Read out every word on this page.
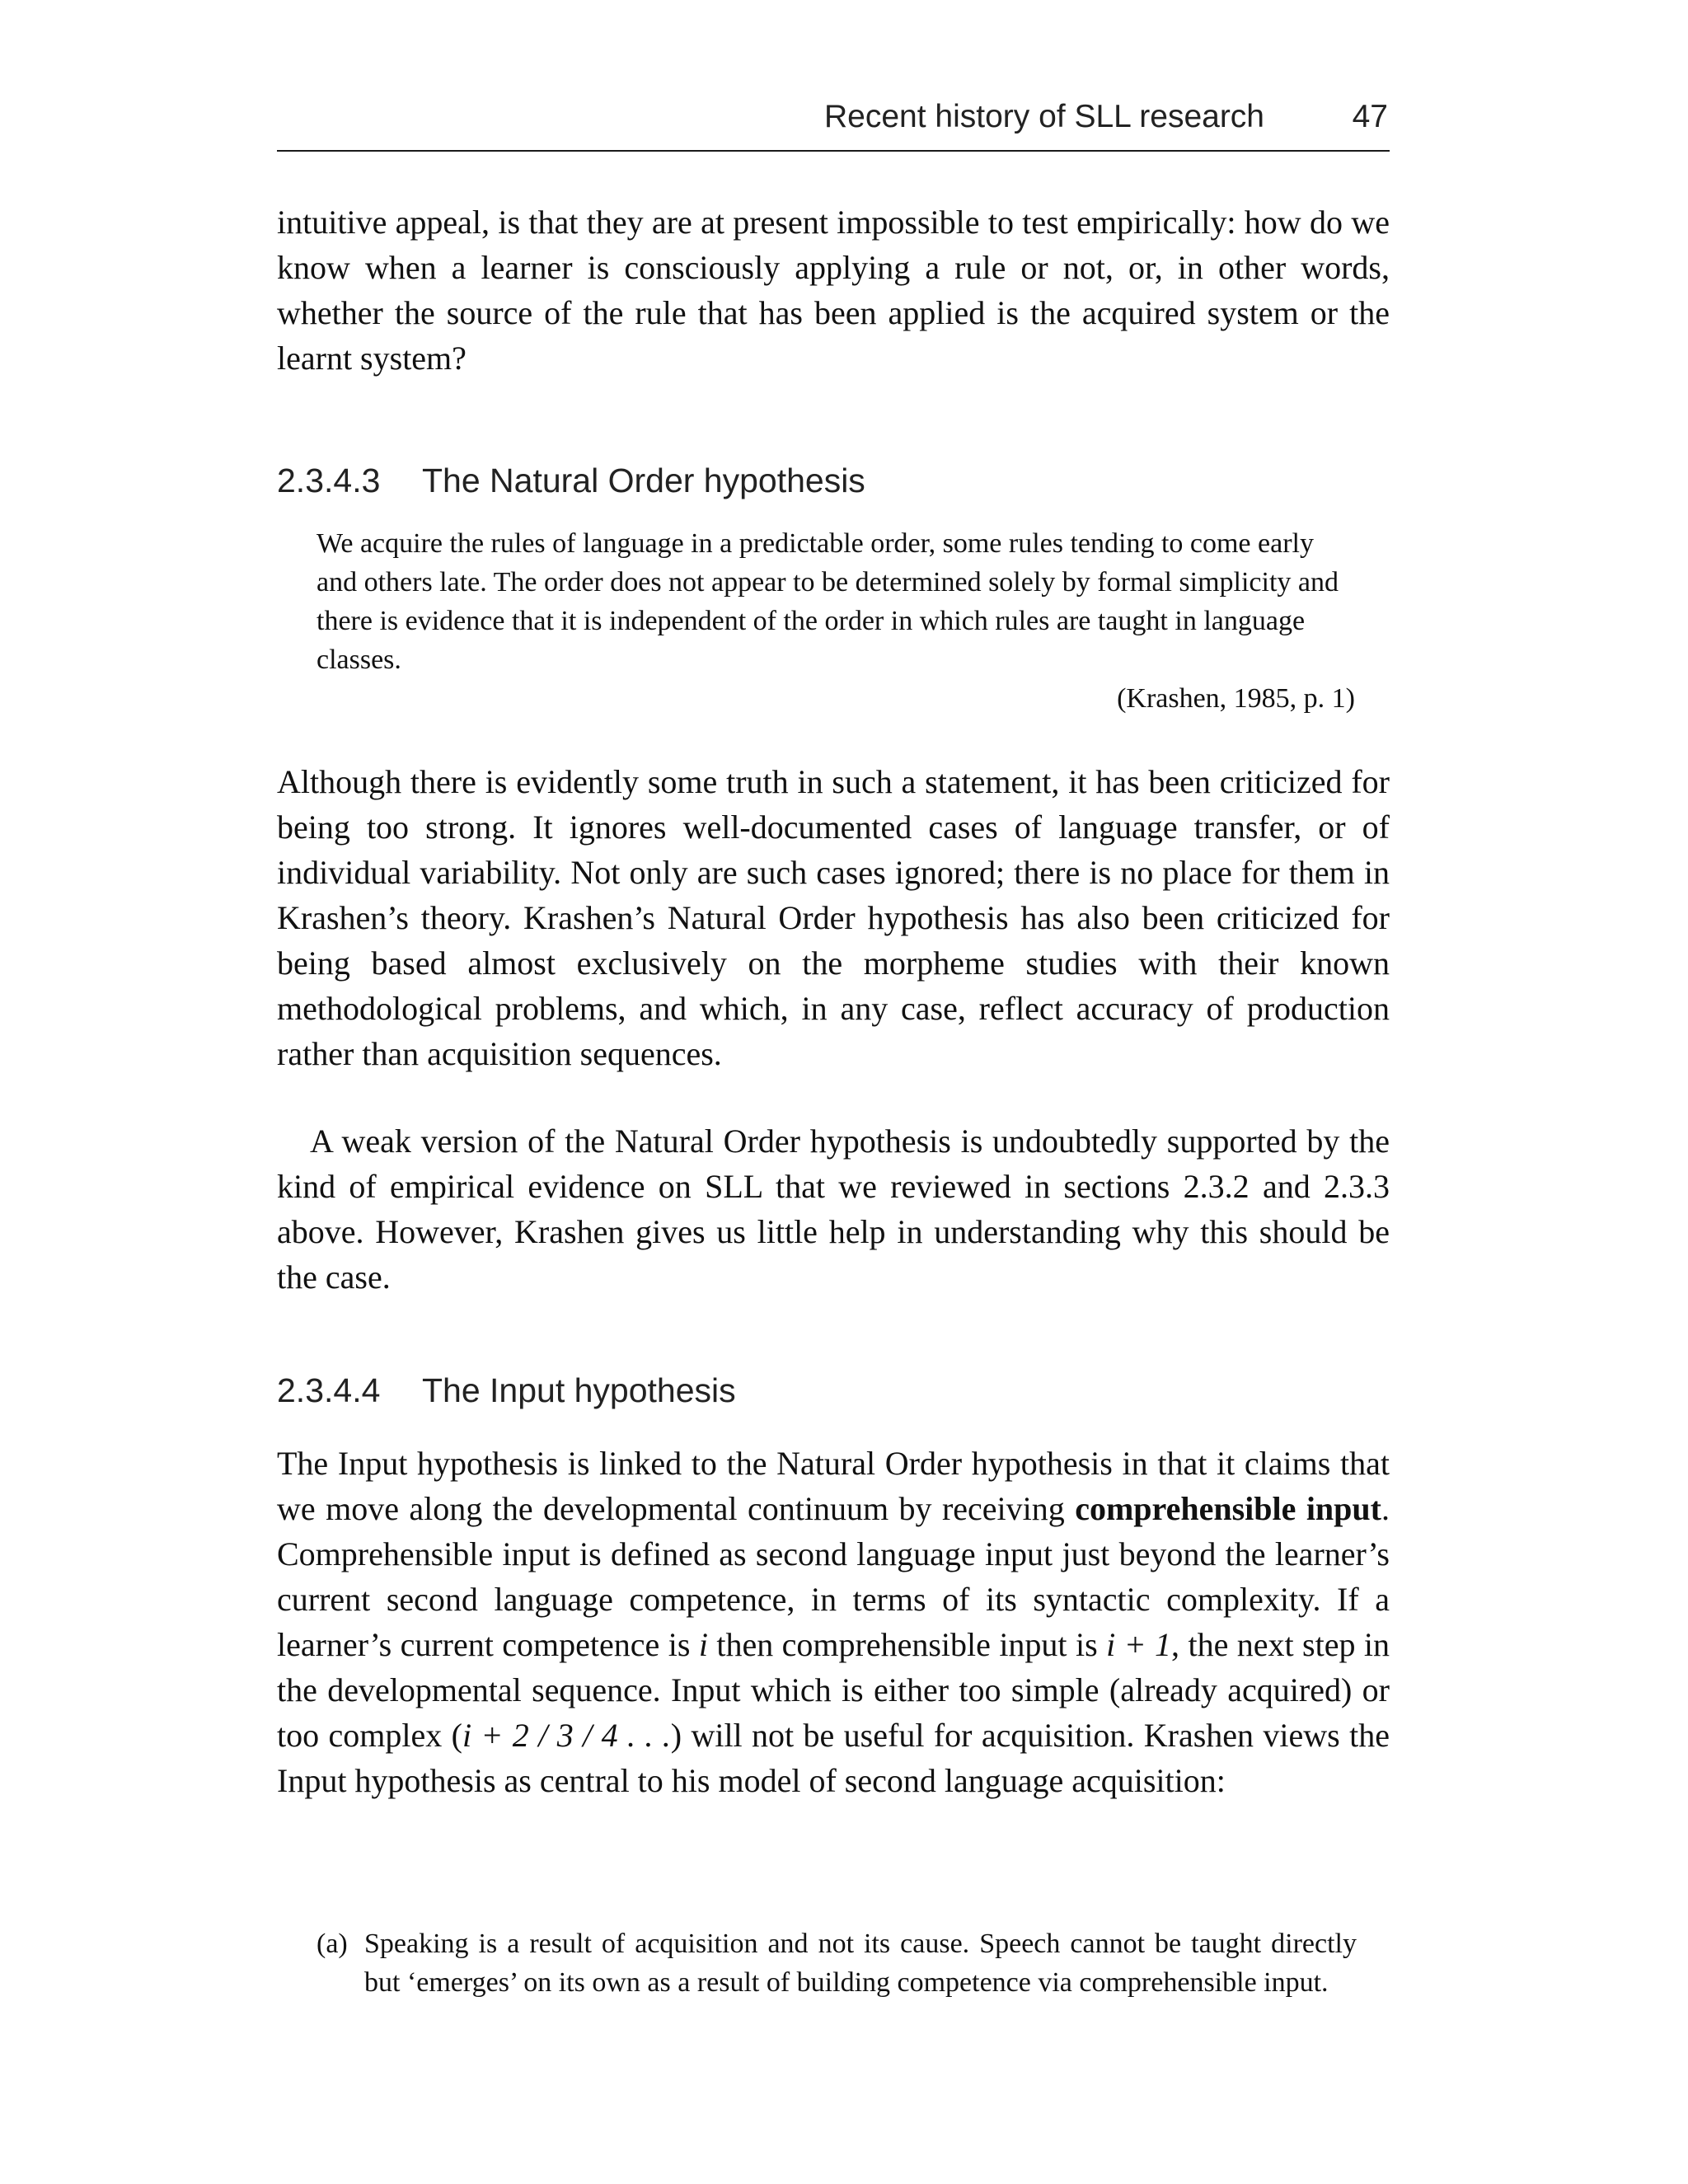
Recent history of SLL research	47

intuitive appeal, is that they are at present impossible to test empirically: how do we know when a learner is consciously applying a rule or not, or, in other words, whether the source of the rule that has been applied is the acquired system or the learnt system?

2.3.4.3 The Natural Order hypothesis

We acquire the rules of language in a predictable order, some rules tending to come early and others late. The order does not appear to be determined solely by formal simplicity and there is evidence that it is independent of the order in which rules are taught in language classes.

(Krashen, 1985, p. 1)

Although there is evidently some truth in such a statement, it has been criticized for being too strong. It ignores well-documented cases of language transfer, or of individual variability. Not only are such cases ignored; there is no place for them in Krashen’s theory. Krashen’s Natural Order hypothesis has also been criticized for being based almost exclusively on the morpheme studies with their known methodological problems, and which, in any case, reflect accuracy of production rather than acquisition sequences.

A weak version of the Natural Order hypothesis is undoubtedly supported by the kind of empirical evidence on SLL that we reviewed in sections 2.3.2 and 2.3.3 above. However, Krashen gives us little help in understanding why this should be the case.

2.3.4.4 The Input hypothesis

The Input hypothesis is linked to the Natural Order hypothesis in that it claims that we move along the developmental continuum by receiving comprehensible input. Comprehensible input is defined as second language input just beyond the learner’s current second language competence, in terms of its syntactic complexity. If a learner’s current competence is i then comprehensible input is i + 1, the next step in the developmental sequence. Input which is either too simple (already acquired) or too complex (i + 2 / 3 / 4 . . .) will not be useful for acquisition. Krashen views the Input hypothesis as central to his model of second language acquisition:

(a) Speaking is a result of acquisition and not its cause. Speech cannot be taught directly but ‘emerges’ on its own as a result of building competence via comprehensible input.
